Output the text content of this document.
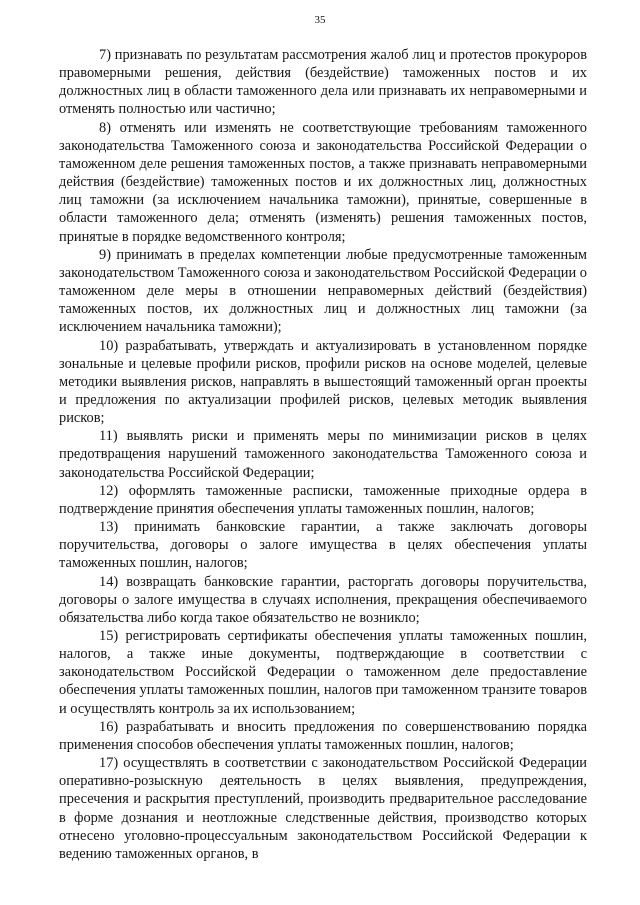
35

7) признавать по результатам рассмотрения жалоб лиц и протестов прокуроров правомерными решения, действия (бездействие) таможенных постов и их должностных лиц в области таможенного дела или признавать их неправомерными и отменять полностью или частично;

8) отменять или изменять не соответствующие требованиям таможенного законодательства Таможенного союза и законодательства Российской Федерации о таможенном деле решения таможенных постов, а также признавать неправомерными действия (бездействие) таможенных постов и их должностных лиц, должностных лиц таможни (за исключением начальника таможни), принятые, совершенные в области таможенного дела; отменять (изменять) решения таможенных постов, принятые в порядке ведомственного контроля;

9) принимать в пределах компетенции любые предусмотренные таможенным законодательством Таможенного союза и законодательством Российской Федерации о таможенном деле меры в отношении неправомерных действий (бездействия) таможенных постов, их должностных лиц и должностных лиц таможни (за исключением начальника таможни);

10) разрабатывать, утверждать и актуализировать в установленном порядке зональные и целевые профили рисков, профили рисков на основе моделей, целевые методики выявления рисков, направлять в вышестоящий таможенный орган проекты и предложения по актуализации профилей рисков, целевых методик выявления рисков;

11) выявлять риски и применять меры по минимизации рисков в целях предотвращения нарушений таможенного законодательства Таможенного союза и законодательства Российской Федерации;

12) оформлять таможенные расписки, таможенные приходные ордера в подтверждение принятия обеспечения уплаты таможенных пошлин, налогов;

13) принимать банковские гарантии, а также заключать договоры поручительства, договоры о залоге имущества в целях обеспечения уплаты таможенных пошлин, налогов;

14) возвращать банковские гарантии, расторгать договоры поручительства, договоры о залоге имущества в случаях исполнения, прекращения обеспечиваемого обязательства либо когда такое обязательство не возникло;

15) регистрировать сертификаты обеспечения уплаты таможенных пошлин, налогов, а также иные документы, подтверждающие в соответствии с законодательством Российской Федерации о таможенном деле предоставление обеспечения уплаты таможенных пошлин, налогов при таможенном транзите товаров и осуществлять контроль за их использованием;

16) разрабатывать и вносить предложения по совершенствованию порядка применения способов обеспечения уплаты таможенных пошлин, налогов;

17) осуществлять в соответствии с законодательством Российской Федерации оперативно-розыскную деятельность в целях выявления, предупреждения, пресечения и раскрытия преступлений, производить предварительное расследование в форме дознания и неотложные следственные действия, производство которых отнесено уголовно-процессуальным законодательством Российской Федерации к ведению таможенных органов, в
